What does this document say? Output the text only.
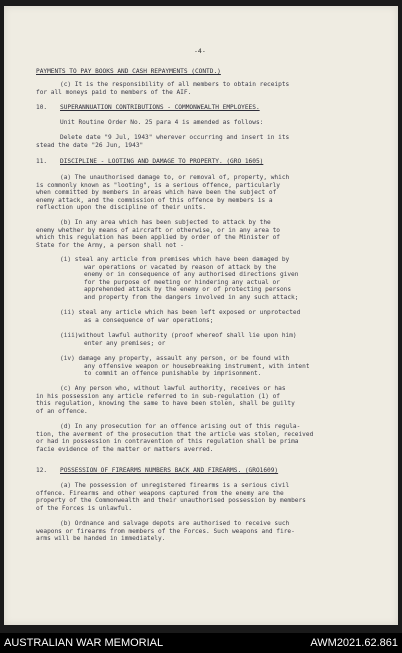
-4-
PAYMENTS TO PAY BOOKS AND CASH REPAYMENTS (CONTD.)
(c) It is the responsibility of all members to obtain receipts
for all moneys paid to members of the AIF.
10. SUPERANNUATION CONTRIBUTIONS - COMMONWEALTH EMPLOYEES.
Unit Routine Order No. 25 para 4 is amended as follows:
Delete date "9 Jul, 1943" wherever occurring and insert in its
stead the date "26 Jun, 1943"
11. DISCIPLINE - LOOTING AND DAMAGE TO PROPERTY. (GRO 1605)
(a) The unauthorised damage to, or removal of, property, which
is commonly known as "looting", is a serious offence, particularly
when committed by members in areas which have been the subject of
enemy attack, and the commission of this offence by members is a
reflection upon the discipline of their units.
(b) In any area which has been subjected to attack by the
enemy whether by means of aircraft or otherwise, or in any area to
which this regulation has been applied by order of the Minister of
State for the Army, a person shall not -
(i) steal any article from premises which have been damaged by
war operations or vacated by reason of attack by the
enemy or in consequence of any authorised directions given
for the purpose of meeting or hindering any actual or
apprehended attack by the enemy or of protecting persons
and property from the dangers involved in any such attack;
(ii) steal any article which has been left exposed or unprotected
as a consequence of war operations;
(iii)without lawful authority (proof whereof shall lie upon him)
enter any premises; or
(iv) damage any property, assault any person, or be found with
any offensive weapon or housebreaking instrument, with intent
to commit an offence punishable by imprisonment.
(c) Any person who, without lawful authority, receives or has
in his possession any article referred to in sub-regulation (1) of
this regulation, knowing the same to have been stolen, shall be guilty
of an offence.
(d) In any prosecution for an offence arising out of this regula-
tion, the averment of the prosecution that the article was stolen, received
or had in possession in contravention of this regulation shall be prima
facie evidence of the matter or matters averred.
12. POSSESSION OF FIREARMS NUMBERS BACK AND FIREARMS. (GRO1609)
(a) The possession of unregistered firearms is a serious civil
offence. Firearms and other weapons captured from the enemy are the
property of the Commonwealth and their unauthorised possession by members
of the Forces is unlawful.
(b) Ordnance and salvage depots are authorised to receive such
weapons or firearms from members of the Forces. Such weapons and fire-
arms will be handed in immediately.
AUSTRALIAN WAR MEMORIAL	AWM2021.62.861
